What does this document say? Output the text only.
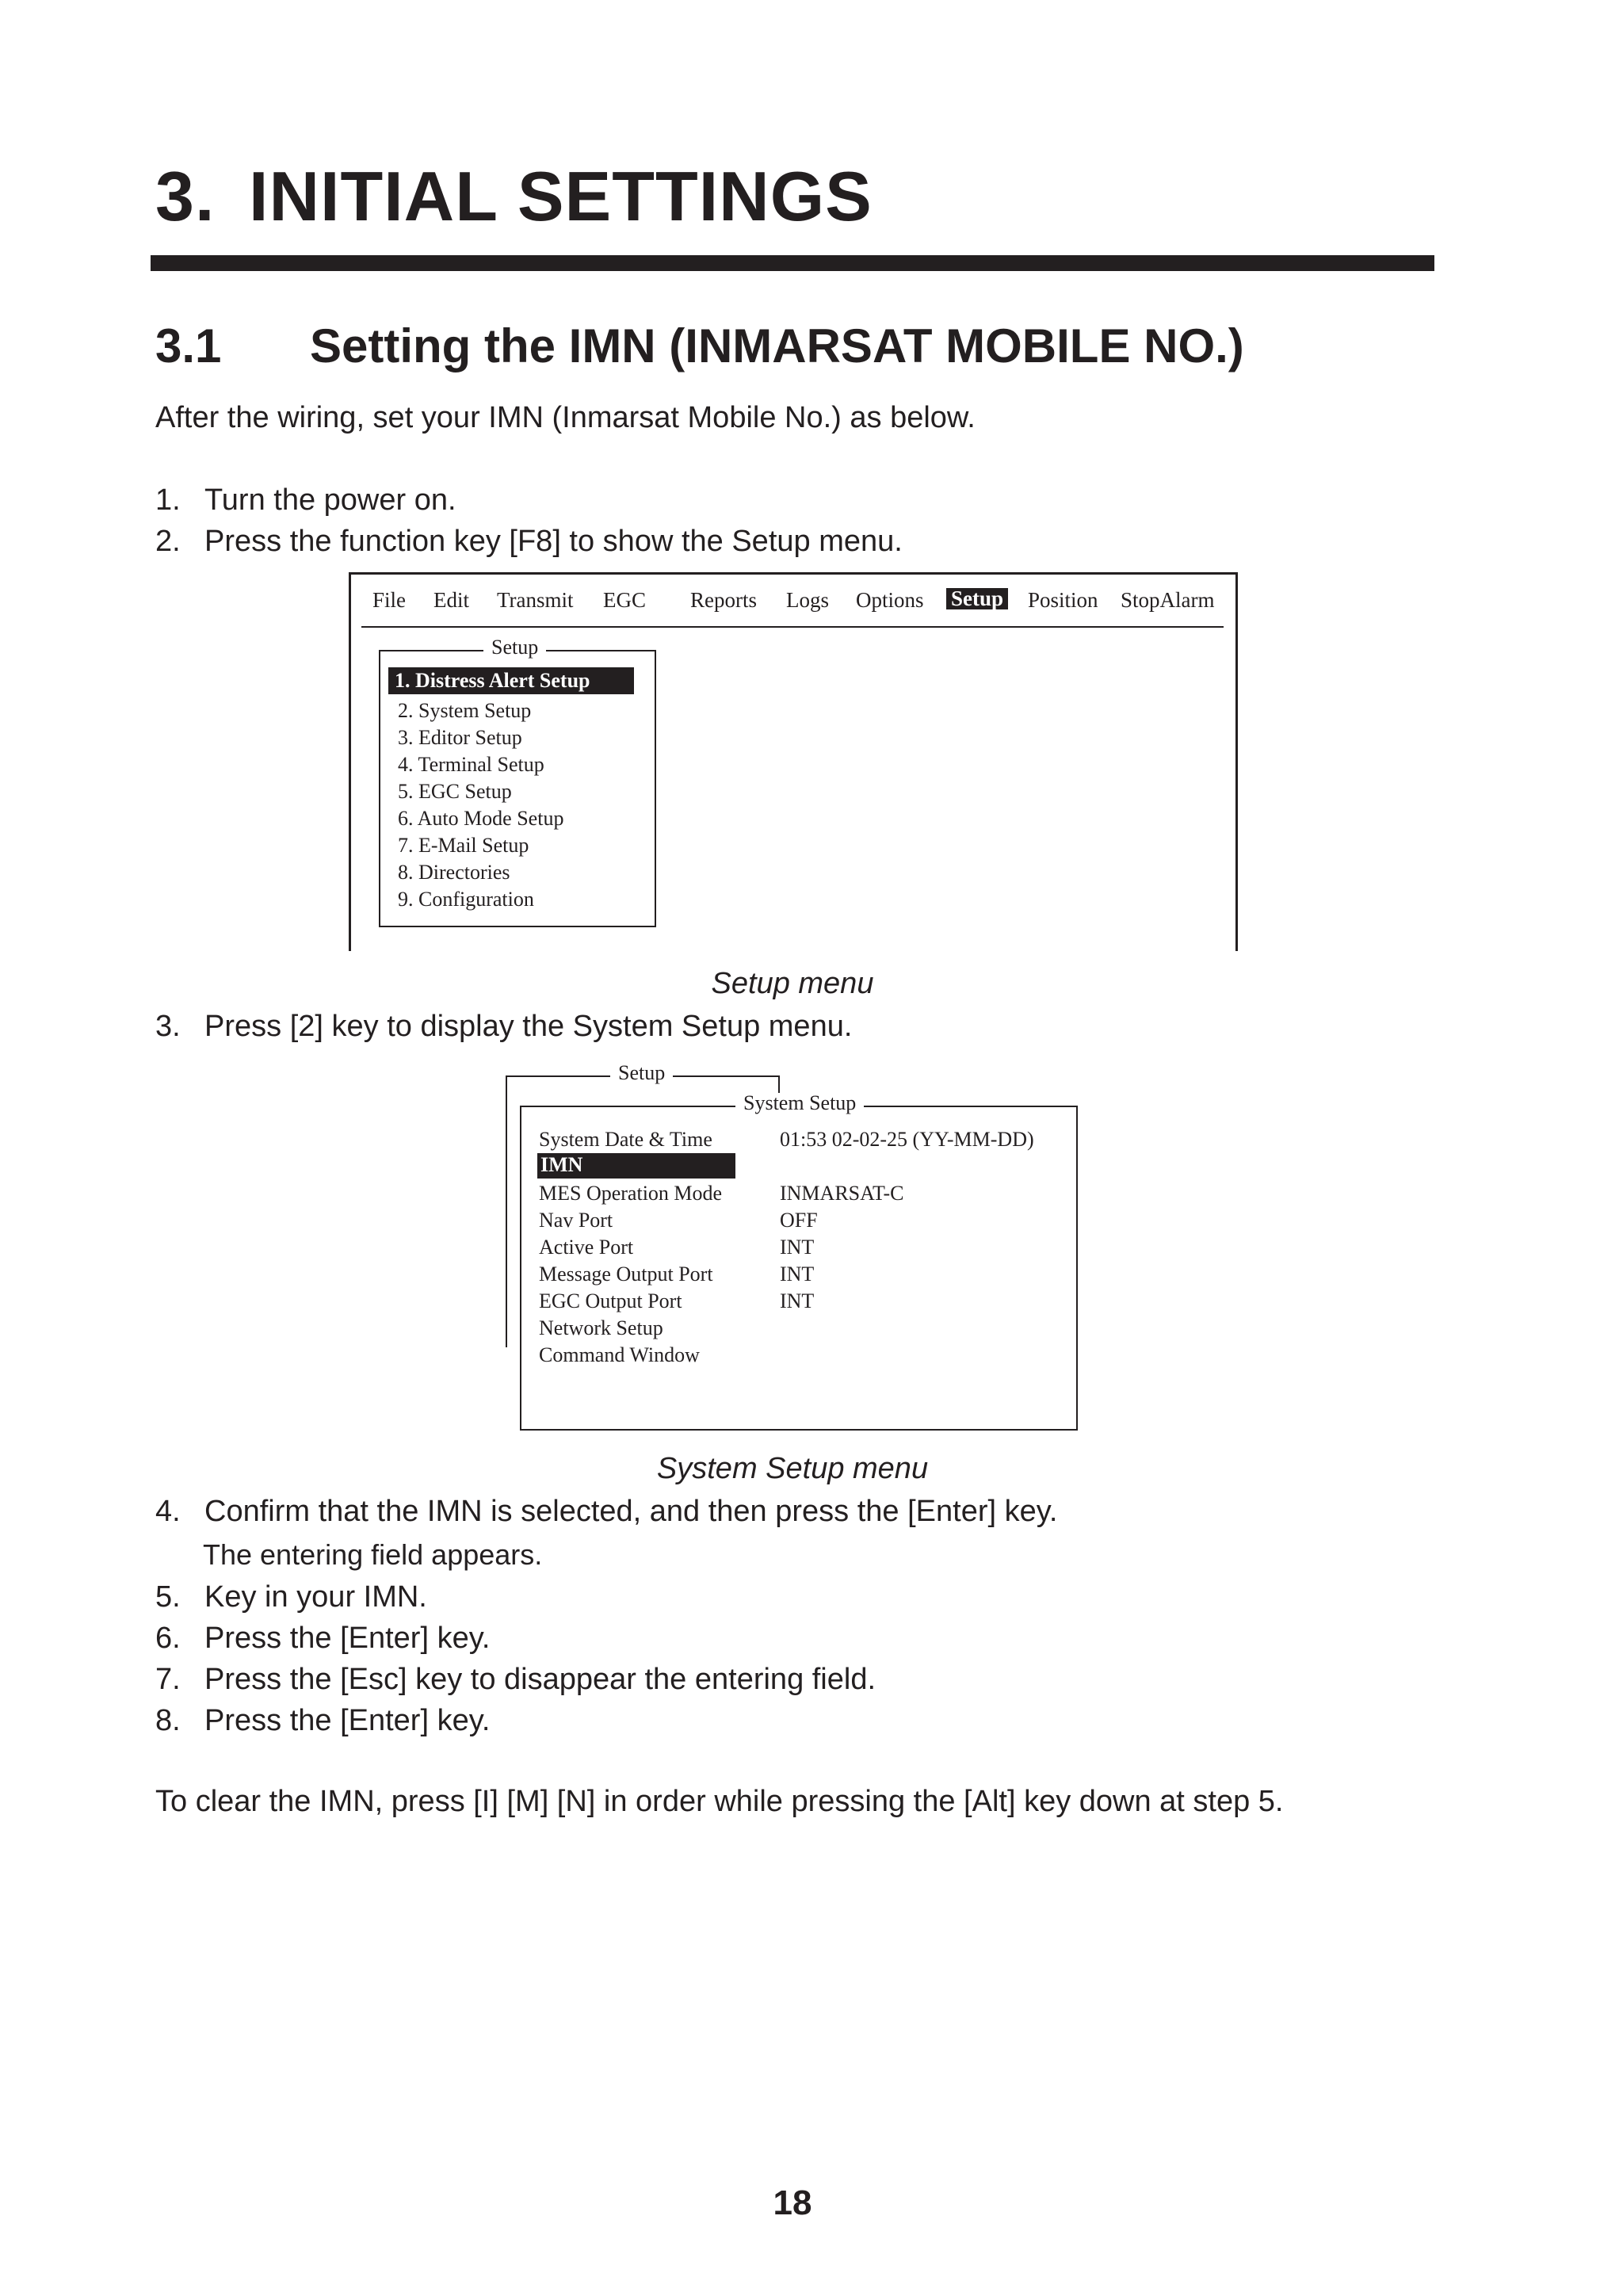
3. INITIAL SETTINGS
3.1 Setting the IMN (INMARSAT MOBILE NO.)
After the wiring, set your IMN (Inmarsat Mobile No.) as below.
1. Turn the power on.
2. Press the function key [F8] to show the Setup menu.
File Edit Transmit EGC Reports Logs Options Setup Position StopAlarm
Setup
1. Distress Alert Setup
2. System Setup
3. Editor Setup
4. Terminal Setup
5. EGC Setup
6. Auto Mode Setup
7. E-Mail Setup
8. Directories
9. Configuration
Setup menu
3. Press [2] key to display the System Setup menu.
Setup
System Setup
System Date & Time	01:53 02-02-25 (YY-MM-DD)
IMN
MES Operation Mode	INMARSAT-C
Nav Port	OFF
Active Port	INT
Message Output Port	INT
EGC Output Port	INT
Network Setup
Command Window
System Setup menu
4. Confirm that the IMN is selected, and then press the [Enter] key.
The entering field appears.
5. Key in your IMN.
6. Press the [Enter] key.
7. Press the [Esc] key to disappear the entering field.
8. Press the [Enter] key.
To clear the IMN, press [I] [M] [N] in order while pressing the [Alt] key down at step 5.
18
